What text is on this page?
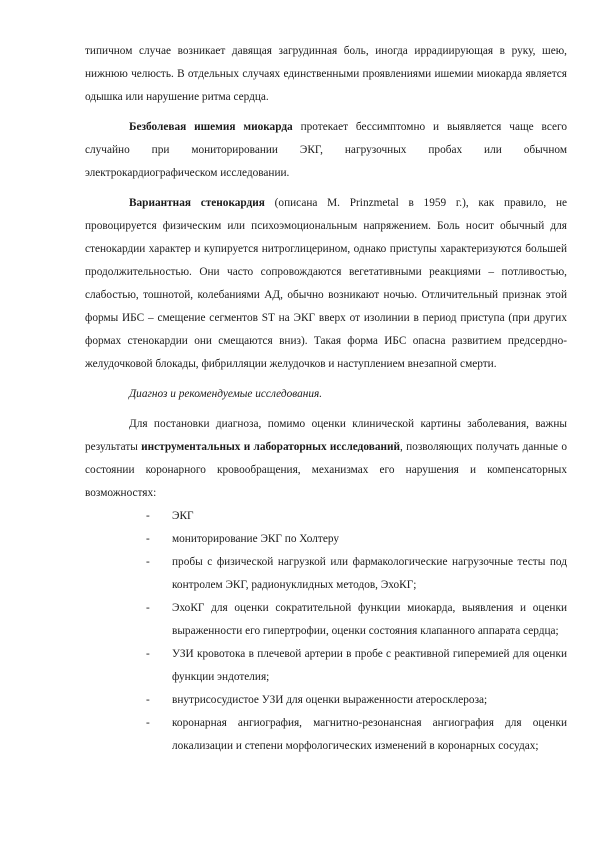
типичном случае возникает давящая загрудинная боль, иногда иррадиирующая в руку, шею, нижнюю челюсть. В отдельных случаях единственными проявлениями ишемии миокарда является одышка или нарушение ритма сердца.

Безболевая ишемия миокарда протекает бессимптомно и выявляется чаще всего случайно при мониторировании ЭКГ, нагрузочных пробах или обычном электрокардиографическом исследовании.

Вариантная стенокардия (описана M. Prinzmetal в 1959 г.), как правило, не провоцируется физическим или психоэмоциональным напряжением. Боль носит обычный для стенокардии характер и купируется нитроглицерином, однако приступы характеризуются большей продолжительностью. Они часто сопровождаются вегетативными реакциями – потливостью, слабостью, тошнотой, колебаниями АД, обычно возникают ночью. Отличительный признак этой формы ИБС – смещение сегментов ST на ЭКГ вверх от изолинии в период приступа (при других формах стенокардии они смещаются вниз). Такая форма ИБС опасна развитием предсердно-желудочковой блокады, фибрилляции желудочков и наступлением внезапной смерти.

Диагноз и рекомендуемые исследования.

Для постановки диагноза, помимо оценки клинической картины заболевания, важны результаты инструментальных и лабораторных исследований, позволяющих получать данные о состоянии коронарного кровообращения, механизмах его нарушения и компенсаторных возможностях:

- ЭКГ
- мониторирование ЭКГ по Холтеру
- пробы с физической нагрузкой или фармакологические нагрузочные тесты под контролем ЭКГ, радионуклидных методов, ЭхоКГ;
- ЭхоКГ для оценки сократительной функции миокарда, выявления и оценки выраженности его гипертрофии, оценки состояния клапанного аппарата сердца;
- УЗИ кровотока в плечевой артерии в пробе с реактивной гиперемией для оценки функции эндотелия;
- внутрисосудистое УЗИ для оценки выраженности атеросклероза;
- коронарная ангиография, магнитно-резонансная ангиография для оценки локализации и степени морфологических изменений в коронарных сосудах;
